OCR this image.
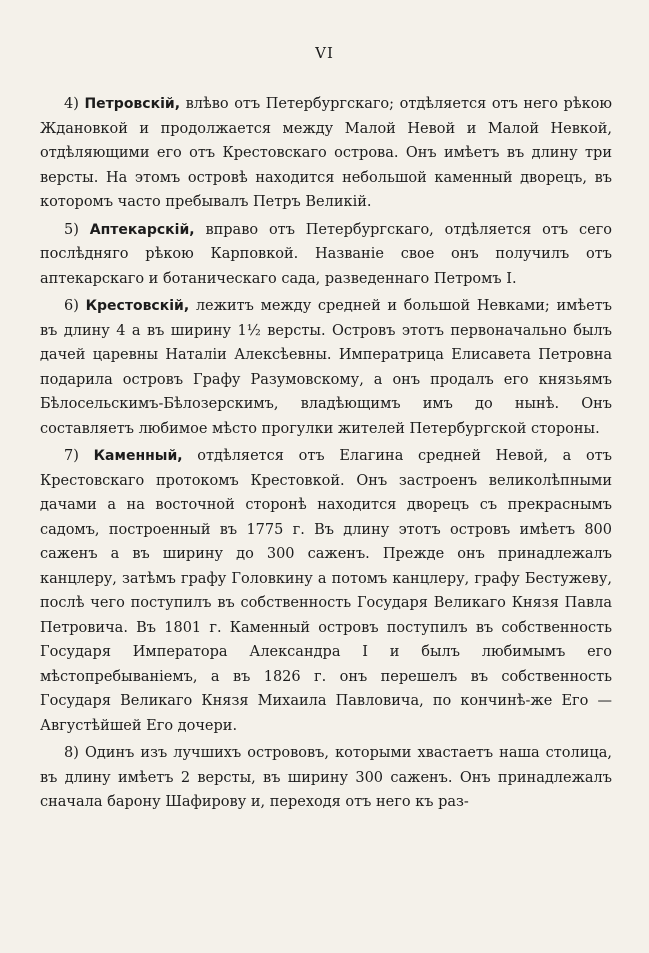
VI

4) Петровскій, влѣво отъ Петербургскаго; отдѣляется отъ него рѣкою Ждановкой и продолжается между Малой Невой и Малой Невкой, отдѣляющими его отъ Крестовскаго острова. Онъ имѣетъ въ длину три версты. На этомъ островѣ находится небольшой каменный дворецъ, въ которомъ часто пребывалъ Петръ Великій.

5) Аптекарскій, вправо отъ Петербургскаго, отдѣляется отъ сего послѣдняго рѣкою Карповкой. Названіе свое онъ получилъ отъ аптекарскаго и ботаническаго сада, разведеннаго Петромъ I.

6) Крестовскій, лежитъ между средней и большой Невками; имѣетъ въ длину 4 а въ ширину 1½ версты. Островъ этотъ первоначально былъ дачей царевны Наталіи Алексѣевны. Императрица Елисавета Петровна подарила островъ Графу Разумовскому, а онъ продалъ его князьямъ Бѣлосельскимъ-Бѣлозерскимъ, владѣющимъ имъ до нынѣ. Онъ составляетъ любимое мѣсто прогулки жителей Петербургской стороны.

7) Каменный, отдѣляется отъ Елагина средней Невой, а отъ Крестовскаго протокомъ Крестовкой. Онъ застроенъ великолѣпными дачами а на восточной сторонѣ находится дворецъ съ прекраснымъ садомъ, построенный въ 1775 г. Въ длину этотъ островъ имѣетъ 800 саженъ а въ ширину до 300 саженъ. Прежде онъ принадлежалъ канцлеру, затѣмъ графу Головкину а потомъ канцлеру, графу Бестужеву, послѣ чего поступилъ въ собственность Государя Великаго Князя Павла Петровича. Въ 1801 г. Каменный островъ поступилъ въ собственность Государя Императора Александра I и былъ любимымъ его мѣстопребываніемъ, а въ 1826 г. онъ перешелъ въ собственность Государя Великаго Князя Михаила Павловича, по кончинѣ-же Его — Августѣйшей Его дочери.

8) Одинъ изъ лучшихъ острововъ, которыми хвастаетъ наша столица, въ длину имѣетъ 2 версты, въ ширину 300 саженъ. Онъ принадлежалъ сначала барону Шафирову и, переходя отъ него къ раз-
